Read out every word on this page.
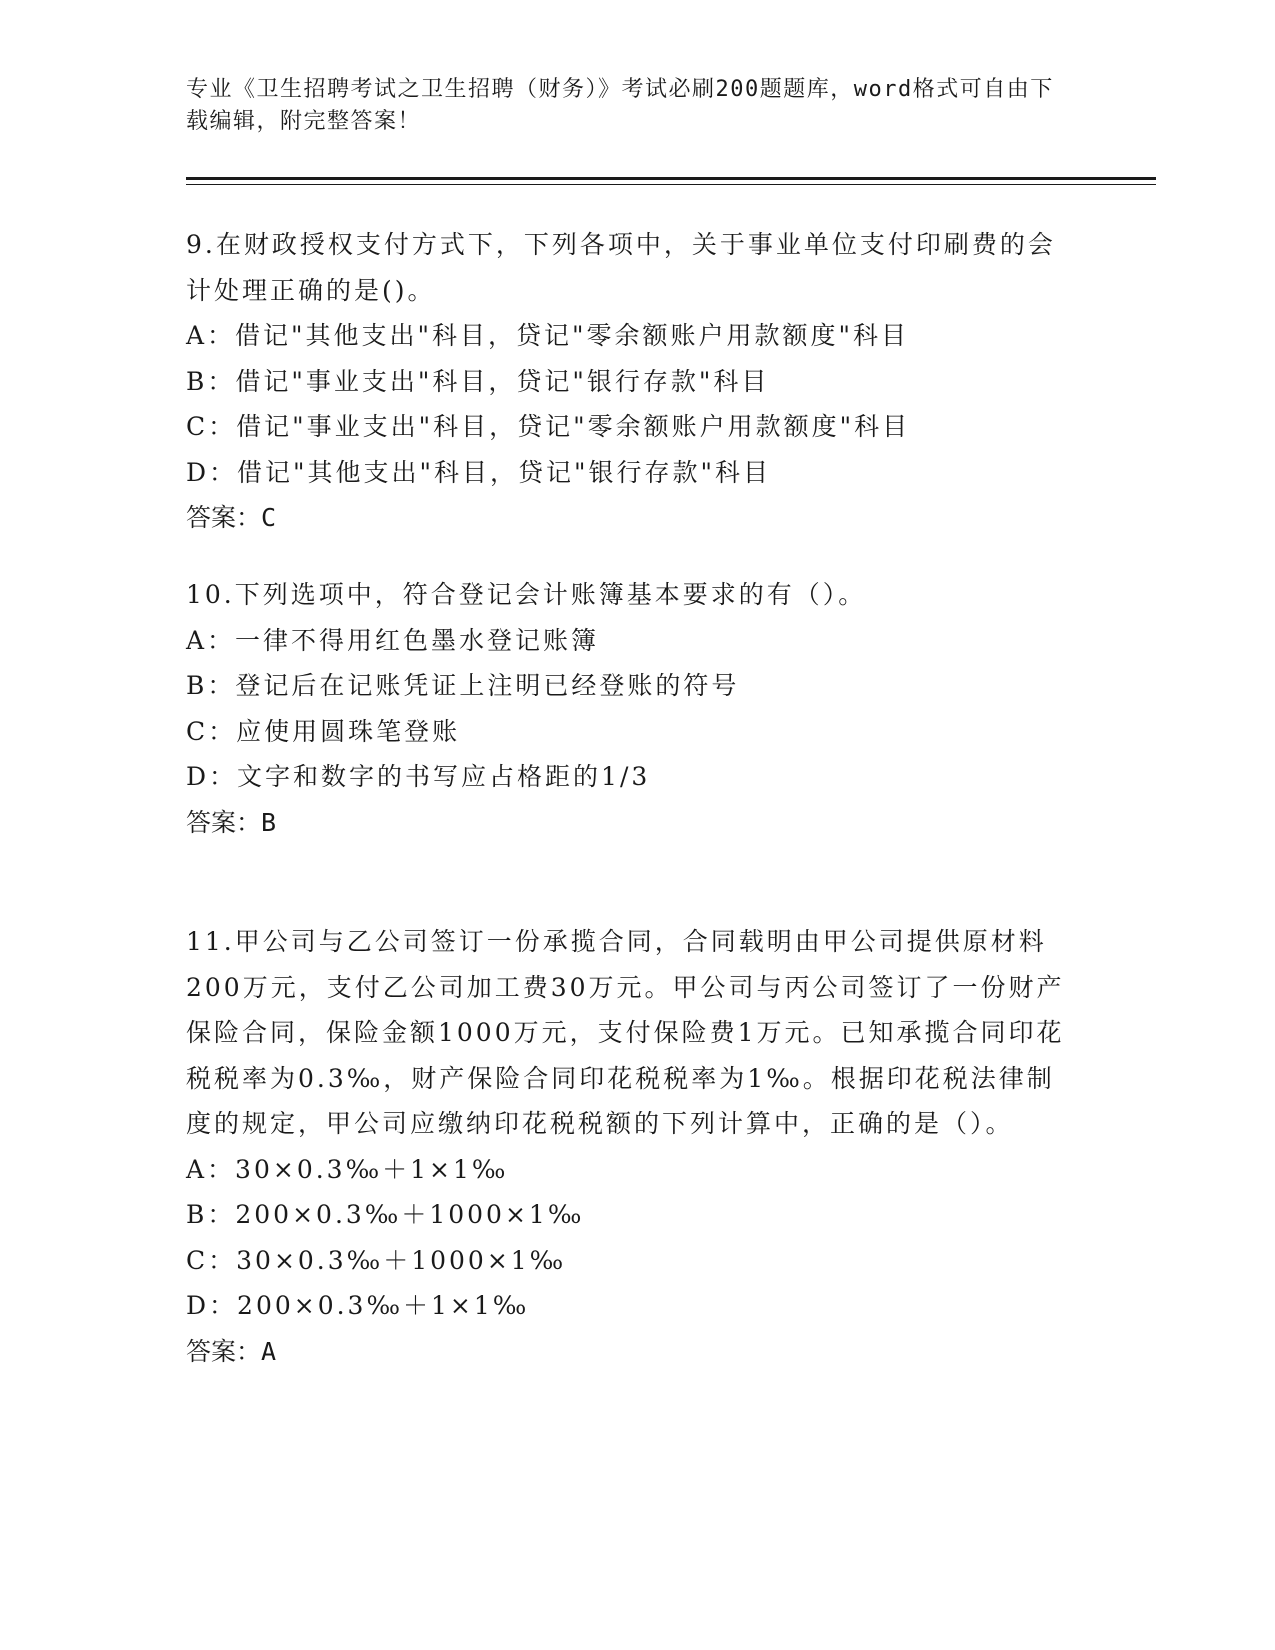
专业《卫生招聘考试之卫生招聘（财务）》考试必刷200题题库，word格式可自由下载编辑，附完整答案！
9.在财政授权支付方式下，下列各项中，关于事业单位支付印刷费的会计处理正确的是()。
A：借记"其他支出"科目，贷记"零余额账户用款额度"科目
B：借记"事业支出"科目，贷记"银行存款"科目
C：借记"事业支出"科目，贷记"零余额账户用款额度"科目
D：借记"其他支出"科目，贷记"银行存款"科目
答案：C
10.下列选项中，符合登记会计账簿基本要求的有（）。
A：一律不得用红色墨水登记账簿
B：登记后在记账凭证上注明已经登账的符号
C：应使用圆珠笔登账
D：文字和数字的书写应占格距的1/3
答案：B
11.甲公司与乙公司签订一份承揽合同，合同载明由甲公司提供原材料200万元，支付乙公司加工费30万元。甲公司与丙公司签订了一份财产保险合同，保险金额1000万元，支付保险费1万元。已知承揽合同印花税税率为0.3‰，财产保险合同印花税税率为1‰。根据印花税法律制度的规定，甲公司应缴纳印花税税额的下列计算中，正确的是（）。
A：30×0.3‰＋1×1‰
B：200×0.3‰＋1000×1‰
C：30×0.3‰＋1000×1‰
D：200×0.3‰＋1×1‰
答案：A
